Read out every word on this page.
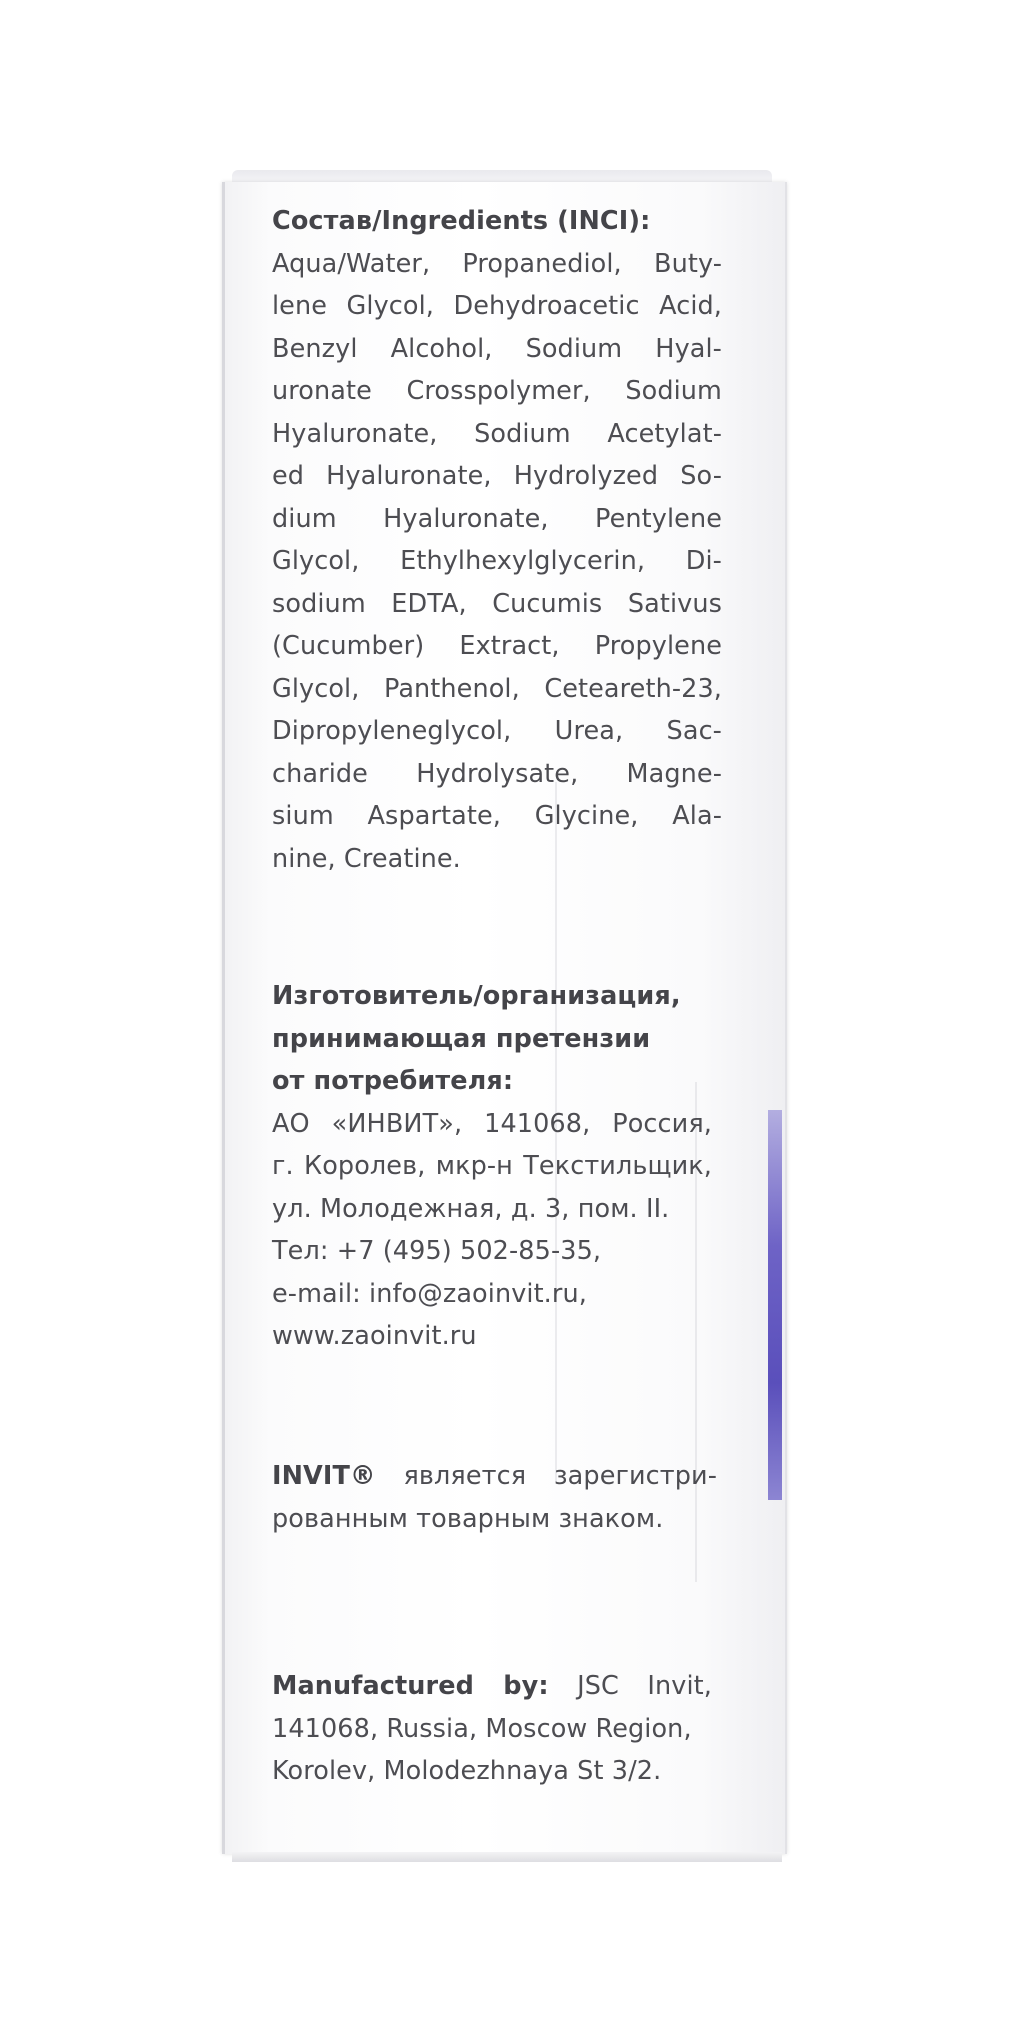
Состав/Ingredients (INCI):
Aqua/Water, Propanediol, Buty-
lene Glycol, Dehydroacetic Acid,
Benzyl Alcohol, Sodium Hyal-
uronate Crosspolymer, Sodium
Hyaluronate, Sodium Acetylat-
ed Hyaluronate, Hydrolyzed So-
dium Hyaluronate, Pentylene
Glycol, Ethylhexylglycerin, Di-
sodium EDTA, Cucumis Sativus
(Cucumber) Extract, Propylene
Glycol, Panthenol, Ceteareth-23,
Dipropyleneglycol, Urea, Sac-
charide Hydrolysate, Magne-
sium Aspartate, Glycine, Ala-
nine, Creatine.
Изготовитель/организация,
принимающая претензии
от потребителя:
АО «ИНВИТ», 141068, Россия,
г. Королев, мкр-н Текстильщик,
ул. Молодежная, д. 3, пом. II.
Тел: +7 (495) 502-85-35,
e-mail: info@zaoinvit.ru,
www.zaoinvit.ru
INVIT® является зарегистри-
рованным товарным знаком.
Manufactured by: JSC Invit,
141068, Russia, Moscow Region,
Korolev, Molodezhnaya St 3/2.
